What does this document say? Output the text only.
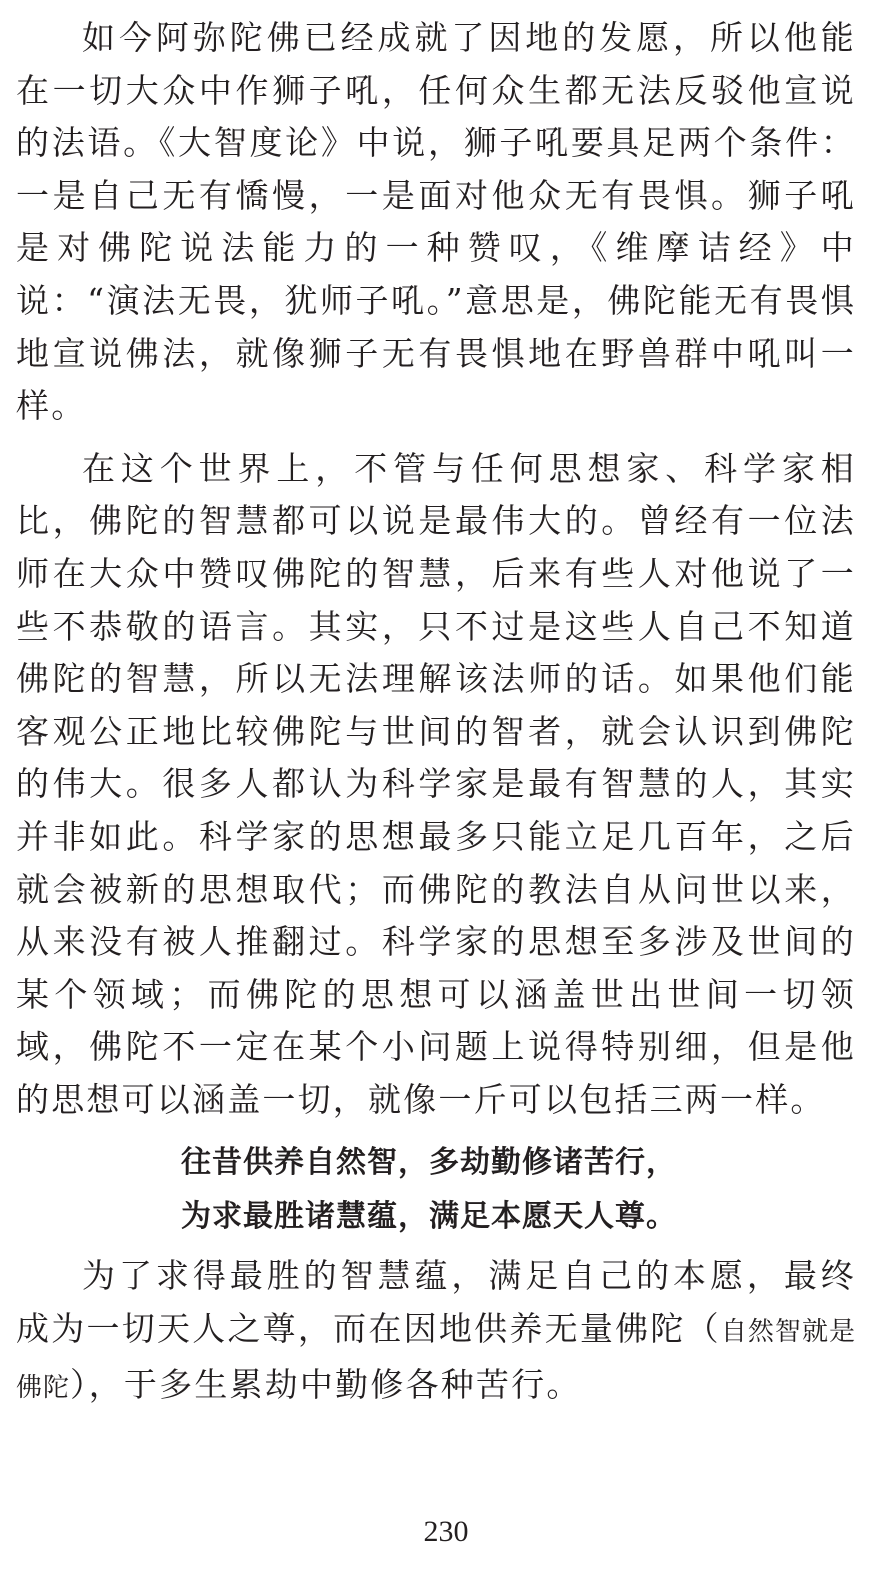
如今阿弥陀佛已经成就了因地的发愿，所以他能在一切大众中作狮子吼，任何众生都无法反驳他宣说的法语。《大智度论》中说，狮子吼要具足两个条件：一是自己无有憍慢，一是面对他众无有畏惧。狮子吼是对佛陀说法能力的一种赞叹，《维摩诘经》中说：“演法无畏，犹师子吼。”意思是，佛陀能无有畏惧地宣说佛法，就像狮子无有畏惧地在野兽群中吼叫一样。

在这个世界上，不管与任何思想家、科学家相比，佛陀的智慧都可以说是最伟大的。曾经有一位法师在大众中赞叹佛陀的智慧，后来有些人对他说了一些不恭敬的语言。其实，只不过是这些人自己不知道佛陀的智慧，所以无法理解该法师的话。如果他们能客观公正地比较佛陀与世间的智者，就会认识到佛陀的伟大。很多人都认为科学家是最有智慧的人，其实并非如此。科学家的思想最多只能立足几百年，之后就会被新的思想取代；而佛陀的教法自从问世以来，从来没有被人推翻过。科学家的思想至多涉及世间的某个领域；而佛陀的思想可以涵盖世出世间一切领域，佛陀不一定在某个小问题上说得特别细，但是他的思想可以涵盖一切，就像一斤可以包括三两一样。

往昔供养自然智，多劫勤修诸苦行，

为求最胜诸慧蕴，满足本愿天人尊。

为了求得最胜的智慧蕴，满足自己的本愿，最终成为一切天人之尊，而在因地供养无量佛陀（自然智就是佛陀），于多生累劫中勤修各种苦行。

230
